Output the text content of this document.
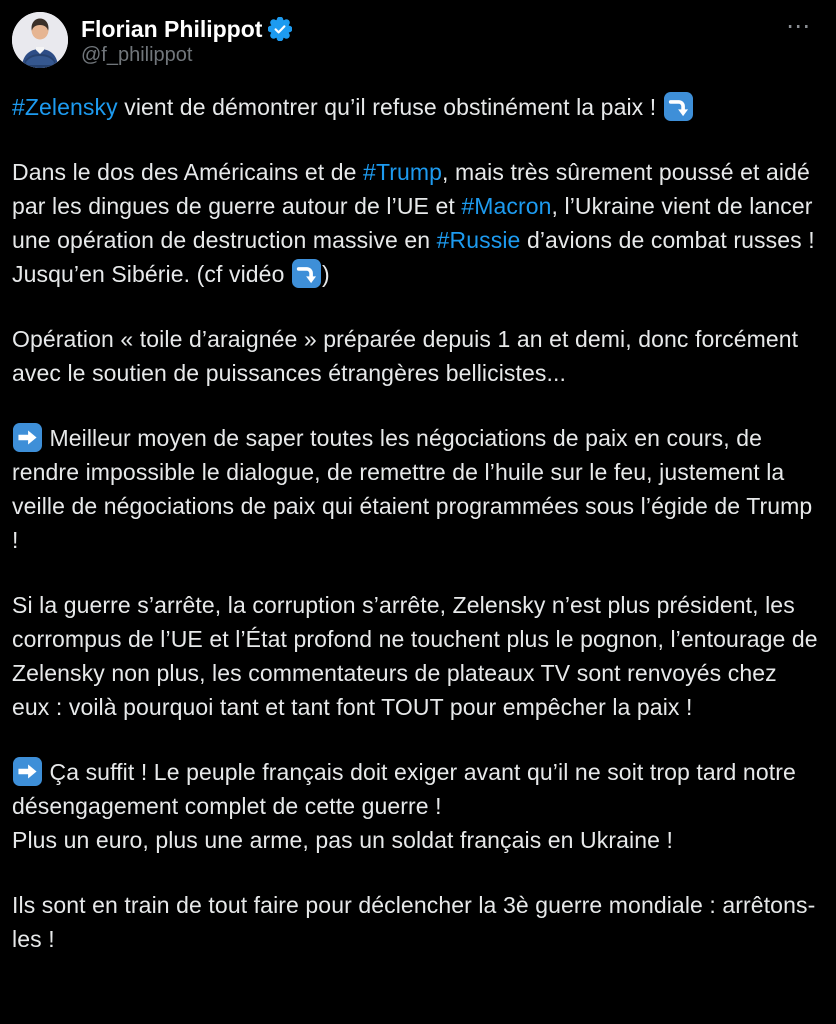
Florian Philippot
@f_philippot
⋯

#Zelensky vient de démontrer qu’il refuse obstinément la paix !

Dans le dos des Américains et de #Trump, mais très sûrement poussé et aidé par les dingues de guerre autour de l’UE et #Macron, l’Ukraine vient de lancer une opération de destruction massive en #Russie d’avions de combat russes ! Jusqu’en Sibérie. (cf vidéo
)

Opération « toile d’araignée » préparée depuis 1 an et demi, donc forcément avec le soutien de puissances étrangères bellicistes...

Meilleur moyen de saper toutes les négociations de paix en cours, de rendre impossible le dialogue, de remettre de l’huile sur le feu, justement la veille de négociations de paix qui étaient programmées sous l’égide de Trump !

Si la guerre s’arrête, la corruption s’arrête, Zelensky n’est plus président, les corrompus de l’UE et l’État profond ne touchent plus le pognon, l’entourage de Zelensky non plus, les commentateurs de plateaux TV sont renvoyés chez eux : voilà pourquoi tant et tant font TOUT pour empêcher la paix !

Ça suffit ! Le peuple français doit exiger avant qu’il ne soit trop tard notre désengagement complet de cette guerre !
Plus un euro, plus une arme, pas un soldat français en Ukraine !

Ils sont en train de tout faire pour déclencher la 3è guerre mondiale : arrêtons-les !
